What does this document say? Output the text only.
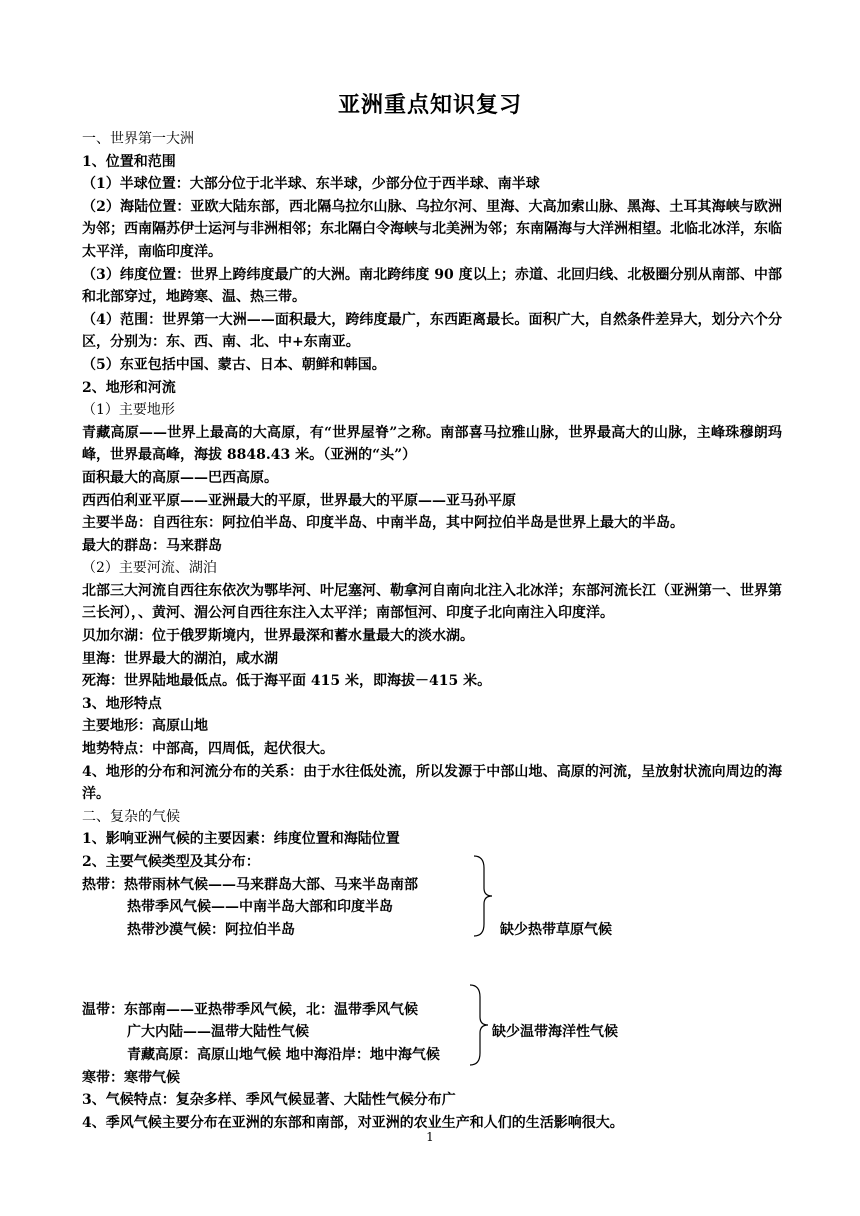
亚洲重点知识复习
一、世界第一大洲
1、位置和范围
（1）半球位置：大部分位于北半球、东半球，少部分位于西半球、南半球
（2）海陆位置：亚欧大陆东部，西北隔乌拉尔山脉、乌拉尔河、里海、大高加索山脉、黑海、土耳其海峡与欧洲为邻；西南隔苏伊士运河与非洲相邻；东北隔白令海峡与北美洲为邻；东南隔海与大洋洲相望。北临北冰洋，东临太平洋，南临印度洋。
（3）纬度位置：世界上跨纬度最广的大洲。南北跨纬度 90 度以上；赤道、北回归线、北极圈分别从南部、中部和北部穿过，地跨寒、温、热三带。
（4）范围：世界第一大洲——面积最大，跨纬度最广，东西距离最长。面积广大，自然条件差异大，划分六个分区，分别为：东、西、南、北、中+东南亚。
（5）东亚包括中国、蒙古、日本、朝鲜和韩国。
2、地形和河流
（1）主要地形
青藏高原——世界上最高的大高原，有“世界屋脊”之称。南部喜马拉雅山脉，世界最高大的山脉，主峰珠穆朗玛峰，世界最高峰，海拔 8848.43 米。（亚洲的“头”）
面积最大的高原——巴西高原。
西西伯利亚平原——亚洲最大的平原，世界最大的平原——亚马孙平原
主要半岛：自西往东：阿拉伯半岛、印度半岛、中南半岛，其中阿拉伯半岛是世界上最大的半岛。
最大的群岛：马来群岛
（2）主要河流、湖泊
北部三大河流自西往东依次为鄂毕河、叶尼塞河、勒拿河自南向北注入北冰洋；东部河流长江（亚洲第一、世界第三长河），、黄河、湄公河自西往东注入太平洋；南部恒河、印度子北向南注入印度洋。
贝加尔湖：位于俄罗斯境内，世界最深和蓄水量最大的淡水湖。
里海：世界最大的湖泊，咸水湖
死海：世界陆地最低点。低于海平面 415 米，即海拔－415 米。
3、地形特点
主要地形：高原山地
地势特点：中部高，四周低，起伏很大。
4、地形的分布和河流分布的关系：由于水往低处流，所以发源于中部山地、高原的河流，呈放射状流向周边的海洋。
二、复杂的气候
1、影响亚洲气候的主要因素：纬度位置和海陆位置
2、主要气候类型及其分布：
热带：热带雨林气候——马来群岛大部、马来半岛南部
热带季风气候——中南半岛大部和印度半岛
热带沙漠气候：阿拉伯半岛	缺少热带草原气候
温带：东部南——亚热带季风气候，北：温带季风气候
广大内陆——温带大陆性气候
青藏高原：高原山地气候 地中海沿岸：地中海气候
缺少温带海洋性气候
寒带：寒带气候
3、气候特点：复杂多样、季风气候显著、大陆性气候分布广
4、季风气候主要分布在亚洲的东部和南部，对亚洲的农业生产和人们的生活影响很大。
1
